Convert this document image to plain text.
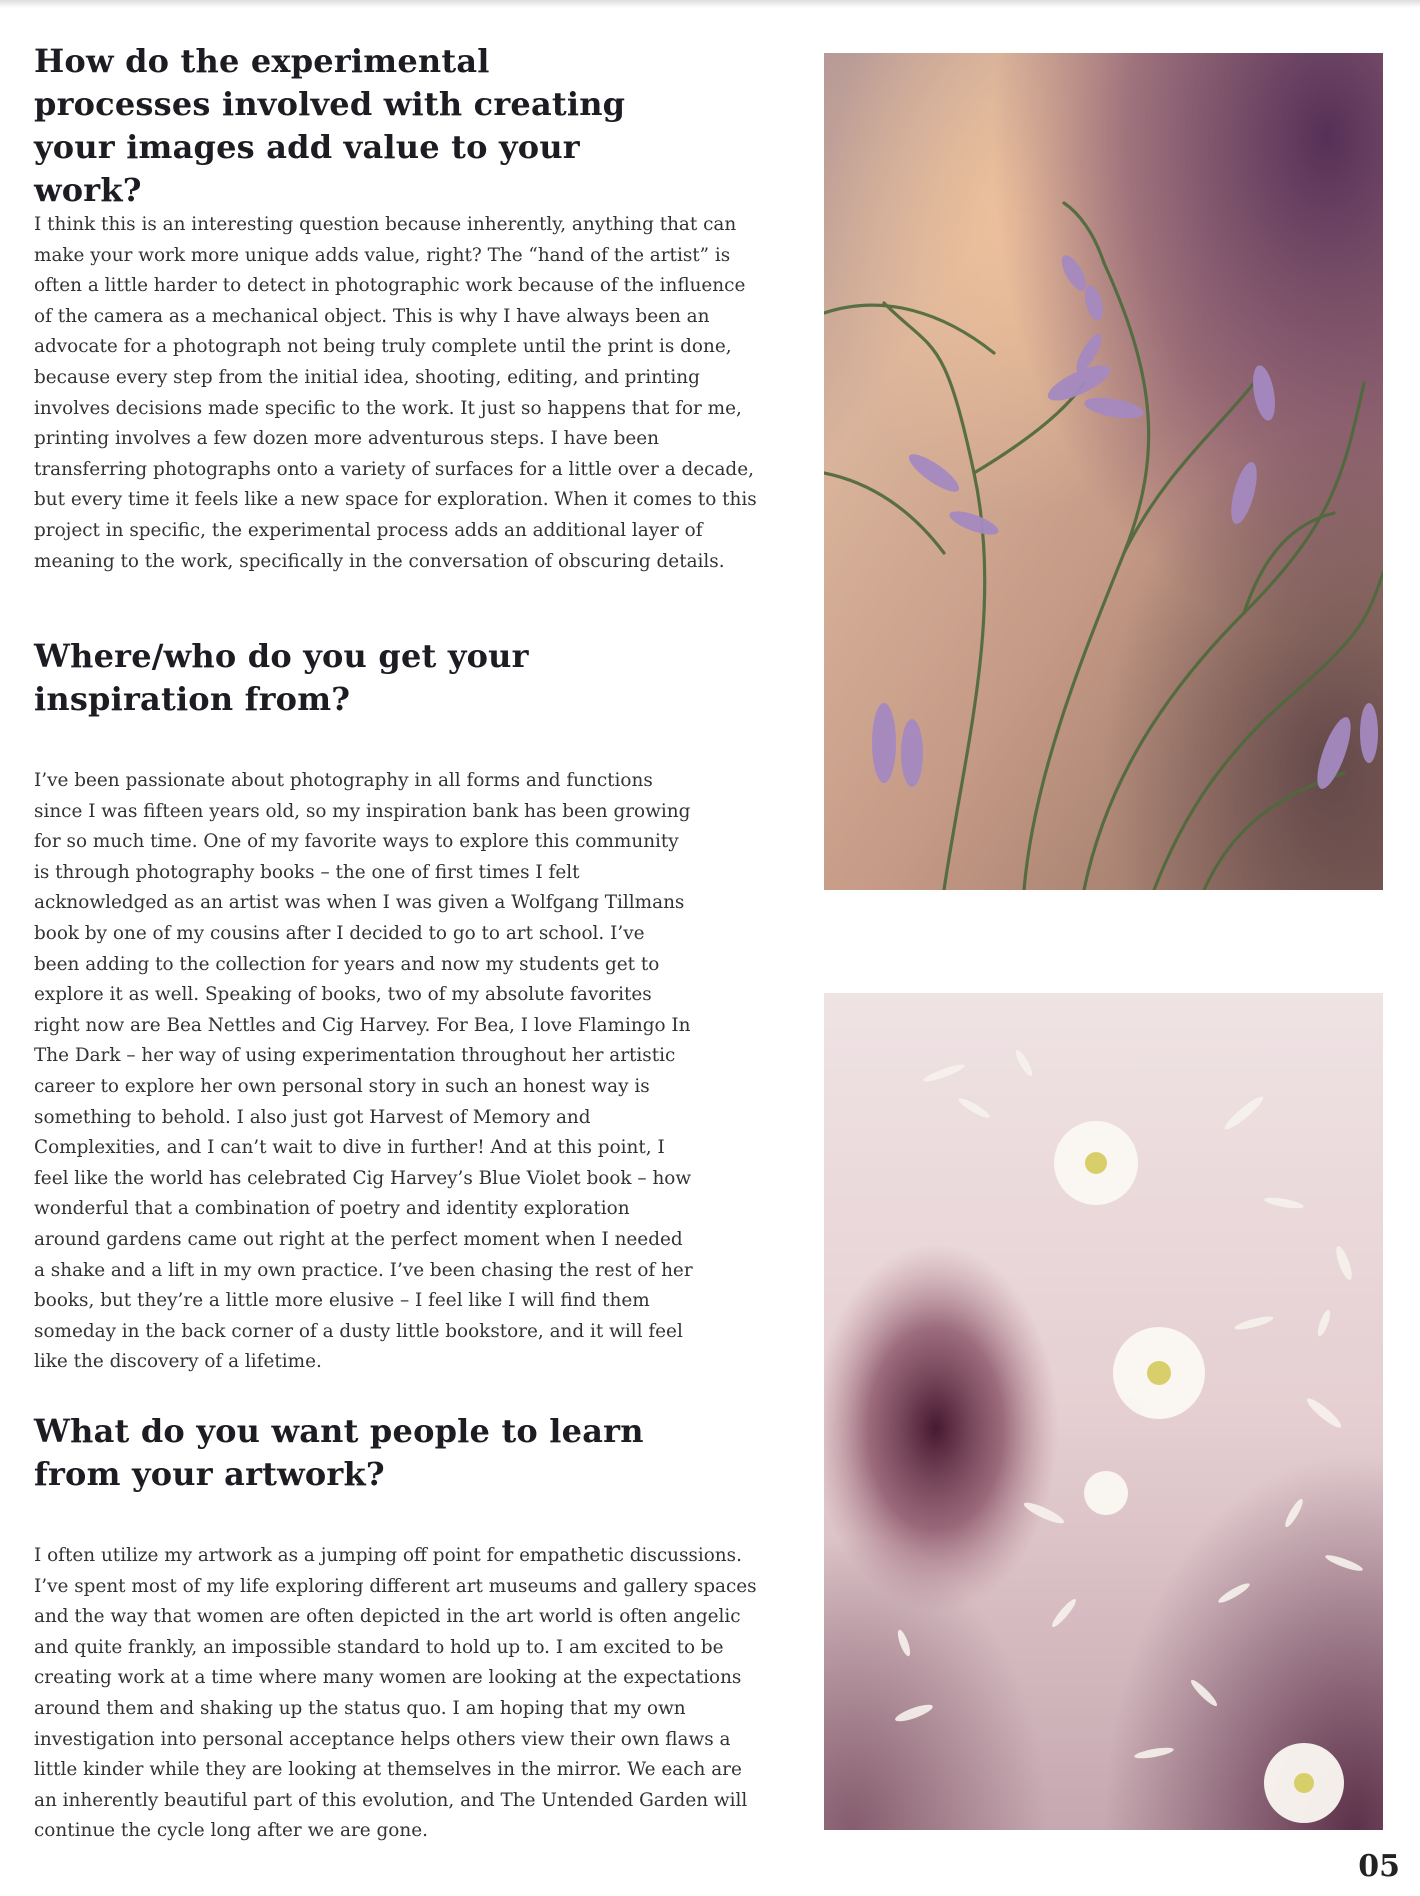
How do the experimental processes involved with creating your images add value to your work?

I think this is an interesting question because inherently, anything that can make your work more unique adds value, right? The “hand of the artist” is often a little harder to detect in photographic work because of the influence of the camera as a mechanical object. This is why I have always been an advocate for a photograph not being truly complete until the print is done, because every step from the initial idea, shooting, editing, and printing involves decisions made specific to the work. It just so happens that for me, printing involves a few dozen more adventurous steps. I have been transferring photographs onto a variety of surfaces for a little over a decade, but every time it feels like a new space for exploration. When it comes to this project in specific, the experimental process adds an additional layer of meaning to the work, specifically in the conversation of obscuring details.

Where/who do you get your inspiration from?

I’ve been passionate about photography in all forms and functions since I was fifteen years old, so my inspiration bank has been growing for so much time. One of my favorite ways to explore this community is through photography books – the one of first times I felt acknowledged as an artist was when I was given a Wolfgang Tillmans book by one of my cousins after I decided to go to art school. I’ve been adding to the collection for years and now my students get to explore it as well. Speaking of books, two of my absolute favorites right now are Bea Nettles and Cig Harvey. For Bea, I love Flamingo In The Dark – her way of using experimentation throughout her artistic career to explore her own personal story in such an honest way is something to behold. I also just got Harvest of Memory and Complexities, and I can’t wait to dive in further! And at this point, I feel like the world has celebrated Cig Harvey’s Blue Violet book – how wonderful that a combination of poetry and identity exploration around gardens came out right at the perfect moment when I needed a shake and a lift in my own practice. I’ve been chasing the rest of her books, but they’re a little more elusive – I feel like I will find them someday in the back corner of a dusty little bookstore, and it will feel like the discovery of a lifetime.

What do you want people to learn from your artwork?

I often utilize my artwork as a jumping off point for empathetic discussions. I’ve spent most of my life exploring different art museums and gallery spaces and the way that women are often depicted in the art world is often angelic and quite frankly, an impossible standard to hold up to. I am excited to be creating work at a time where many women are looking at the expectations around them and shaking up the status quo. I am hoping that my own investigation into personal acceptance helps others view their own flaws a little kinder while they are looking at themselves in the mirror. We each are an inherently beautiful part of this evolution, and The Untended Garden will continue the cycle long after we are gone.

05
